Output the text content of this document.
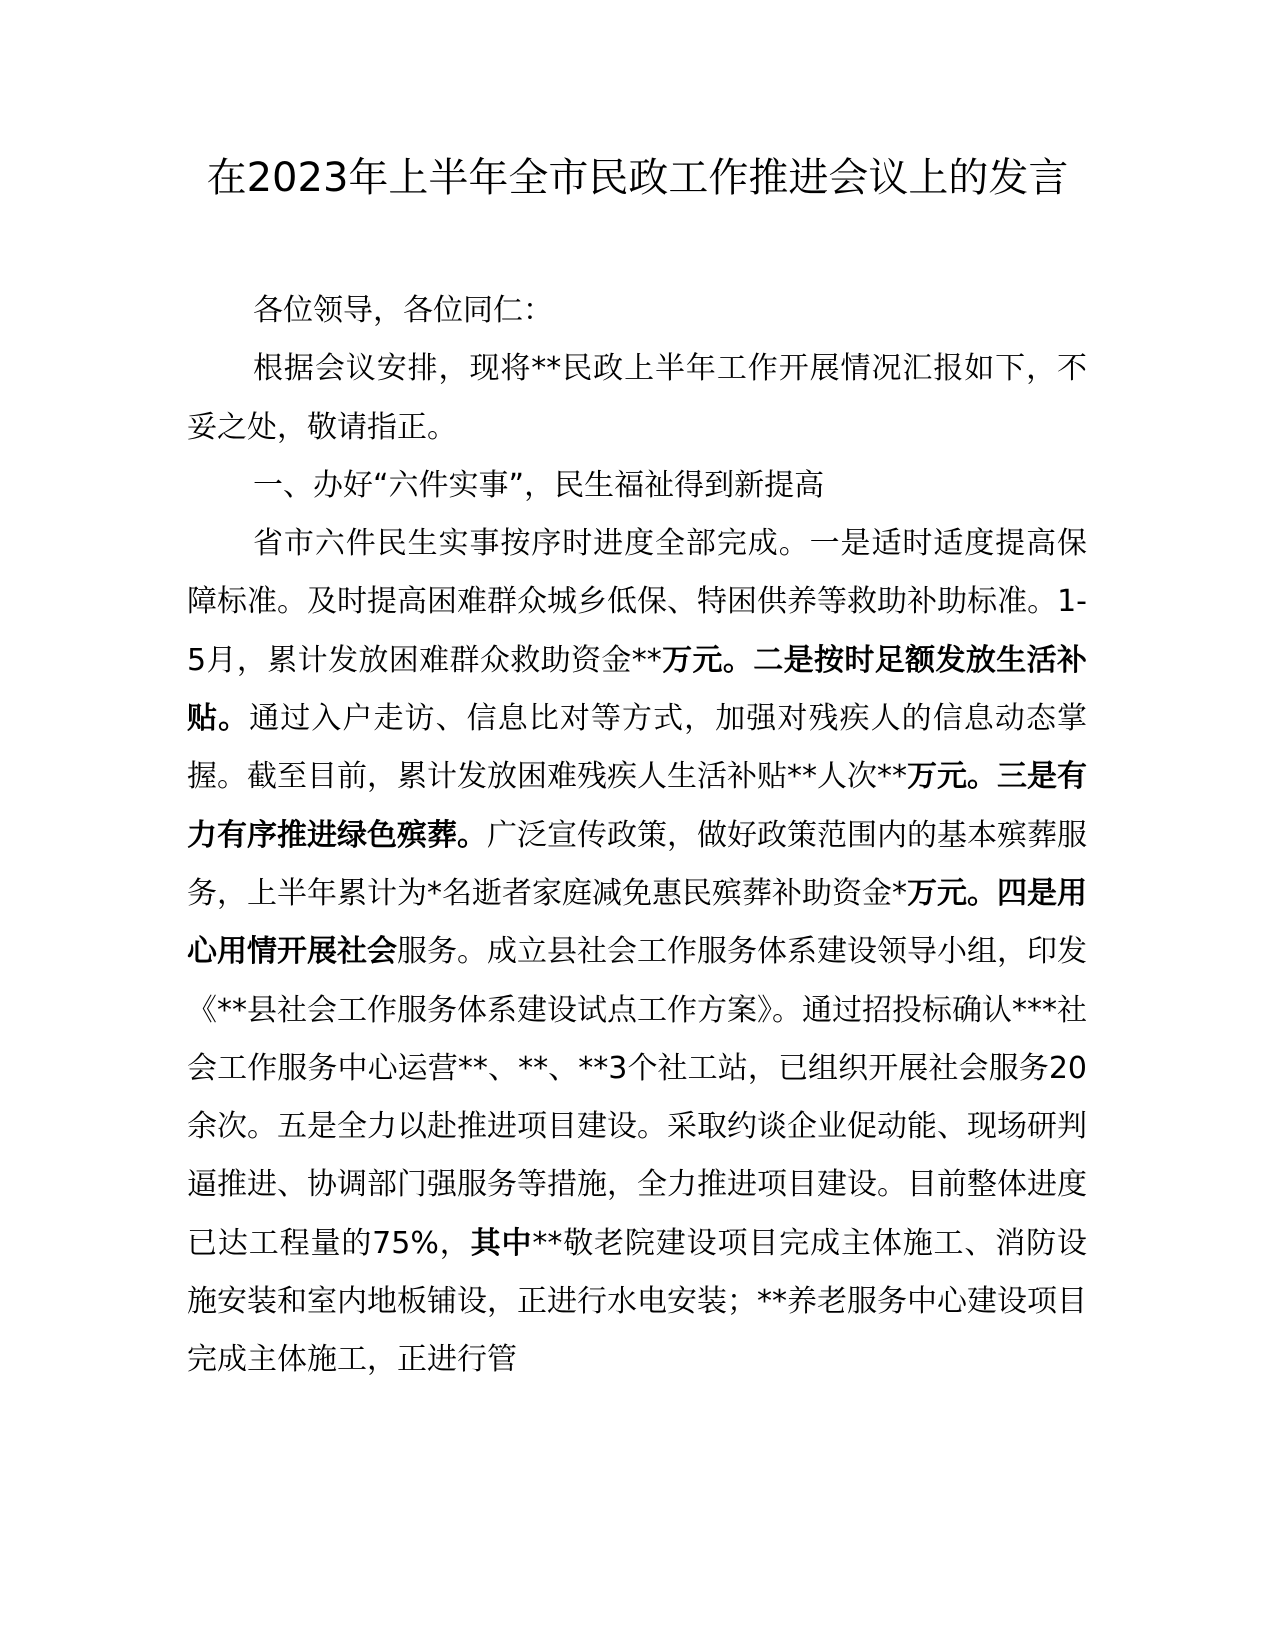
在2023年上半年全市民政工作推进会议上的发言

各位领导，各位同仁：

根据会议安排，现将**民政上半年工作开展情况汇报如下，不妥之处，敬请指正。

一、办好“六件实事”，民生福祉得到新提高

省市六件民生实事按序时进度全部完成。一是适时适度提高保障标准。及时提高困难群众城乡低保、特困供养等救助补助标准。1-5月，累计发放困难群众救助资金**万元。二是按时足额发放生活补贴。通过入户走访、信息比对等方式，加强对残疾人的信息动态掌握。截至目前，累计发放困难残疾人生活补贴**人次**万元。三是有力有序推进绿色殡葬。广泛宣传政策，做好政策范围内的基本殡葬服务，上半年累计为*名逝者家庭减免惠民殡葬补助资金*万元。四是用心用情开展社会服务。成立县社会工作服务体系建设领导小组，印发《**县社会工作服务体系建设试点工作方案》。通过招投标确认***社会工作服务中心运营**、**、**3个社工站，已组织开展社会服务20余次。五是全力以赴推进项目建设。采取约谈企业促动能、现场研判逼推进、协调部门强服务等措施，全力推进项目建设。目前整体进度已达工程量的75%，其中**敬老院建设项目完成主体施工、消防设施安装和室内地板铺设，正进行水电安装；**养老服务中心建设项目完成主体施工，正进行管
